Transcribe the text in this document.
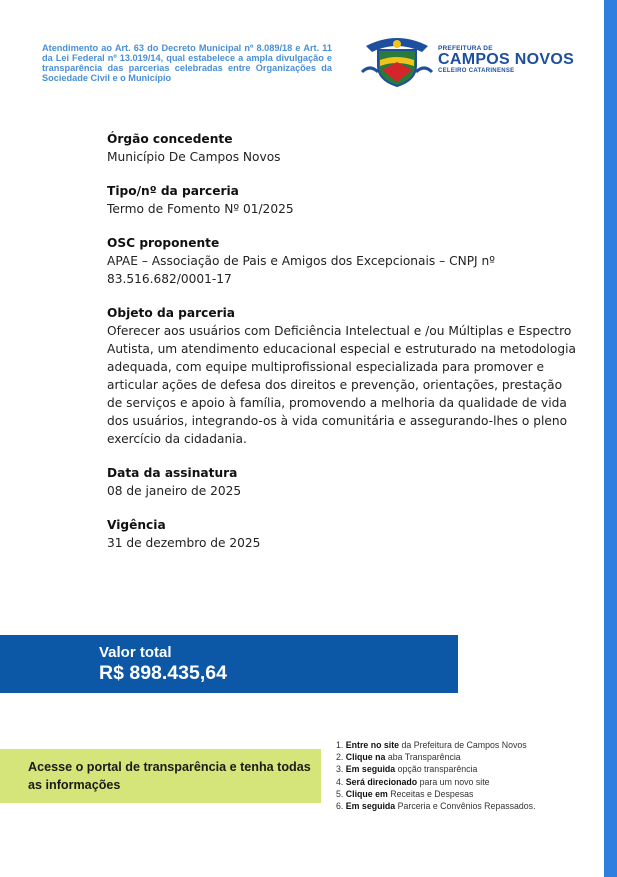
Atendimento ao Art. 63 do Decreto Municipal nº 8.089/18 e Art. 11 da Lei Federal nº 13.019/14, qual estabelece a ampla divulgação e transparência das parcerias celebradas entre Organizações da Sociedade Civil e o Município
PREFEITURA DE
CAMPOS NOVOS
CELEIRO CATARINENSE
Órgão concedente
Município De Campos Novos
Tipo/nº da parceria
Termo de Fomento Nº 01/2025
OSC proponente
APAE – Associação de Pais e Amigos dos Excepcionais – CNPJ nº 83.516.682/0001-17
Objeto da parceria
Oferecer aos usuários com Deficiência Intelectual e /ou Múltiplas e Espectro Autista, um atendimento educacional especial e estruturado na metodologia adequada, com equipe multiprofissional especializada para promover e articular ações de defesa dos direitos e prevenção, orientações, prestação de serviços e apoio à família, promovendo a melhoria da qualidade de vida dos usuários, integrando-os à vida comunitária e assegurando-lhes o pleno exercício da cidadania.
Data da assinatura
08 de janeiro de 2025
Vigência
31 de dezembro de 2025
Valor total
R$ 898.435,64
Acesse o portal de transparência e tenha todas as informações
1. Entre no site da Prefeitura de Campos Novos
2. Clique na aba Transparência
3. Em seguida opção transparência
4. Será direcionado para um novo site
5. Clique em Receitas e Despesas
6. Em seguida Parceria e Convênios Repassados.
